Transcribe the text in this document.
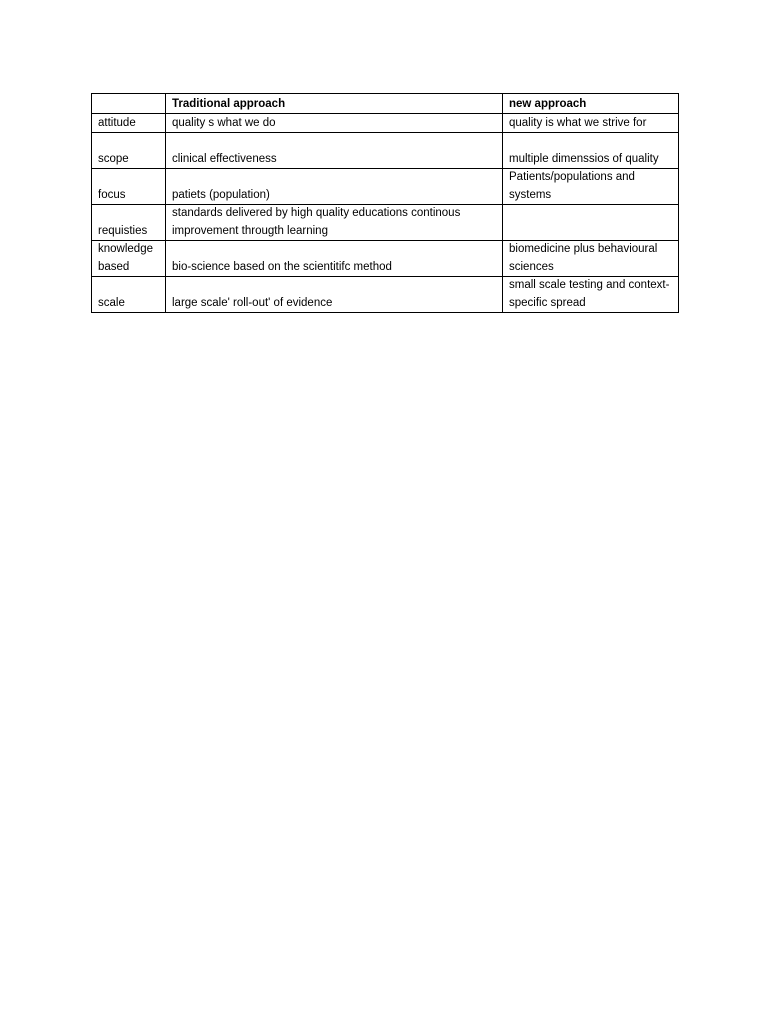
	Traditional approach	new approach
attitude	quality s what we do	quality is what we strive for
scope	clinical effectiveness	multiple dimenssios of quality
focus	patiets (population)	Patients/populations and systems
requisties	standards delivered by high quality educations continous improvement througth learning	
knowledge based	bio-science based on the scientitifc method	biomedicine plus behavioural sciences
scale	large scale' roll-out' of evidence	small scale testing and context-specific spread
